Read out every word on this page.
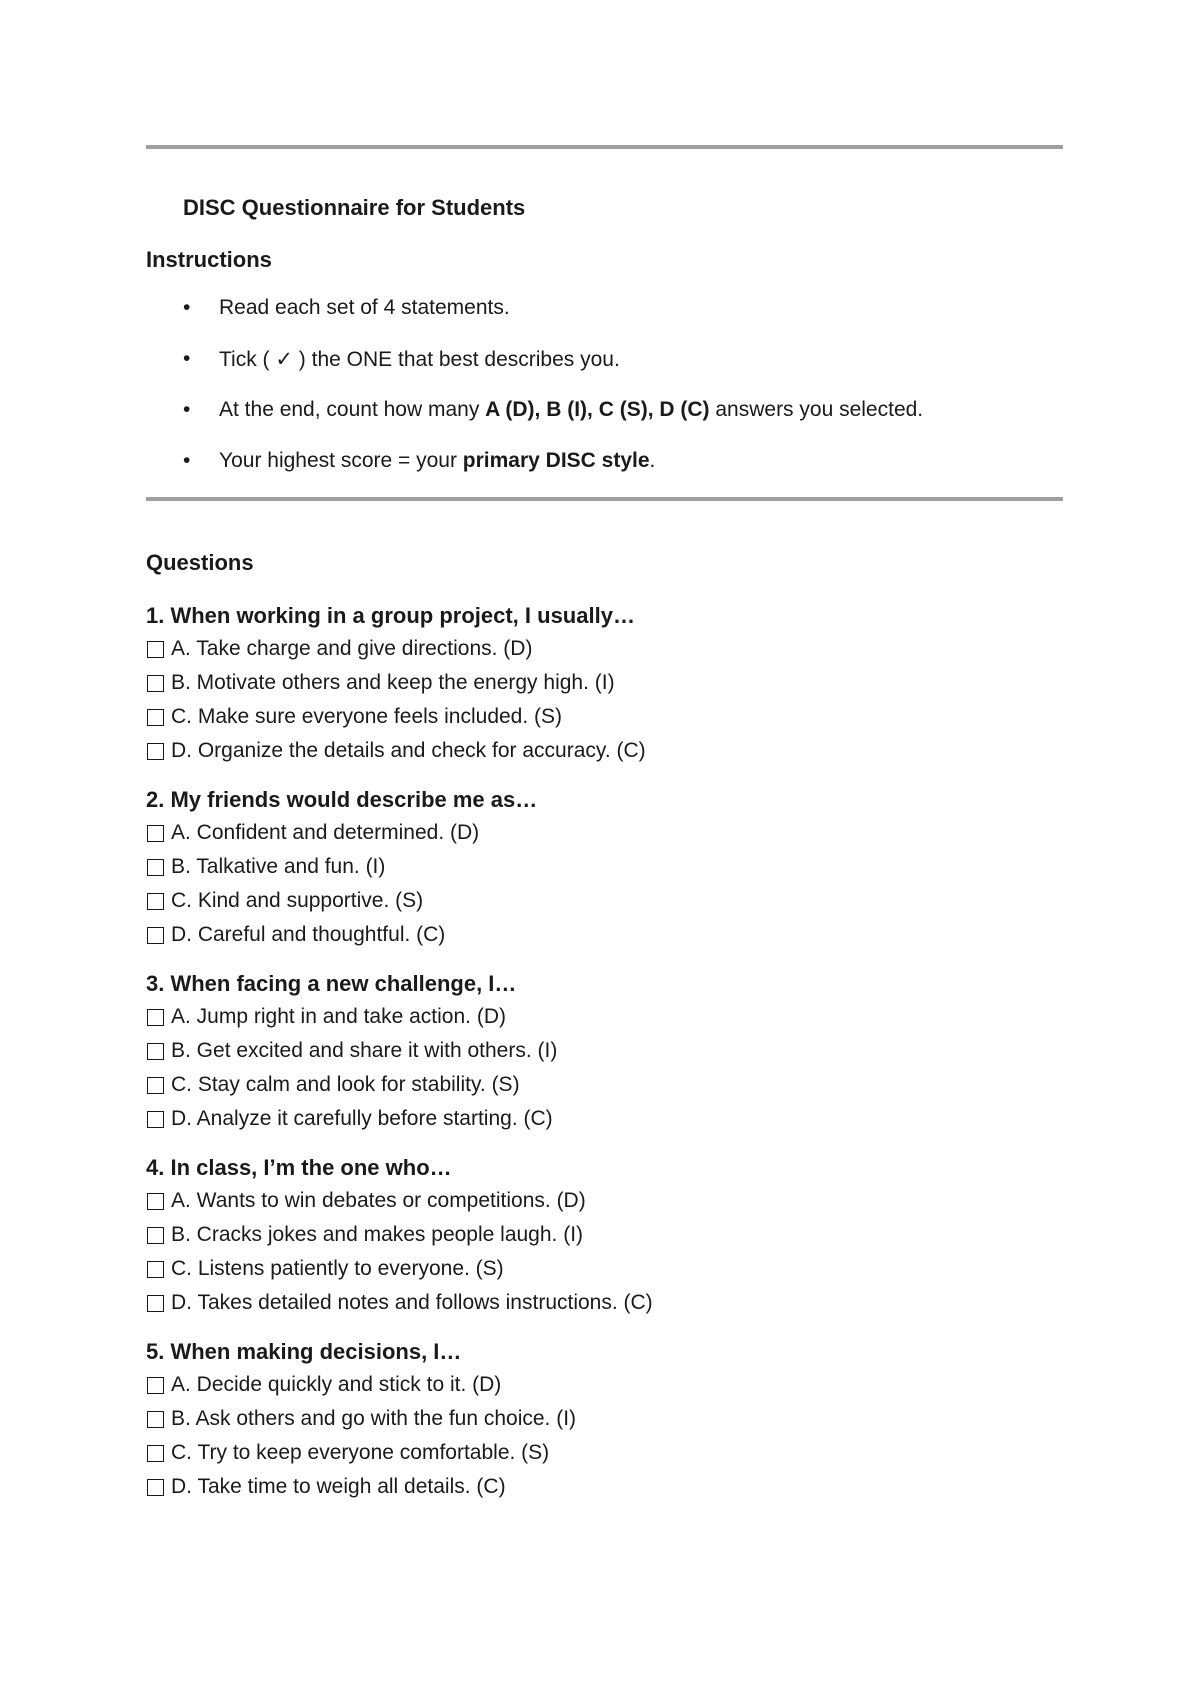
DISC Questionnaire for Students
Instructions
• Read each set of 4 statements.
• Tick ( ✓ ) the ONE that best describes you.
• At the end, count how many A (D), B (I), C (S), D (C) answers you selected.
• Your highest score = your primary DISC style.
Questions
1. When working in a group project, I usually…
A. Take charge and give directions. (D)
B. Motivate others and keep the energy high. (I)
C. Make sure everyone feels included. (S)
D. Organize the details and check for accuracy. (C)
2. My friends would describe me as…
A. Confident and determined. (D)
B. Talkative and fun. (I)
C. Kind and supportive. (S)
D. Careful and thoughtful. (C)
3. When facing a new challenge, I…
A. Jump right in and take action. (D)
B. Get excited and share it with others. (I)
C. Stay calm and look for stability. (S)
D. Analyze it carefully before starting. (C)
4. In class, I’m the one who…
A. Wants to win debates or competitions. (D)
B. Cracks jokes and makes people laugh. (I)
C. Listens patiently to everyone. (S)
D. Takes detailed notes and follows instructions. (C)
5. When making decisions, I…
A. Decide quickly and stick to it. (D)
B. Ask others and go with the fun choice. (I)
C. Try to keep everyone comfortable. (S)
D. Take time to weigh all details. (C)
